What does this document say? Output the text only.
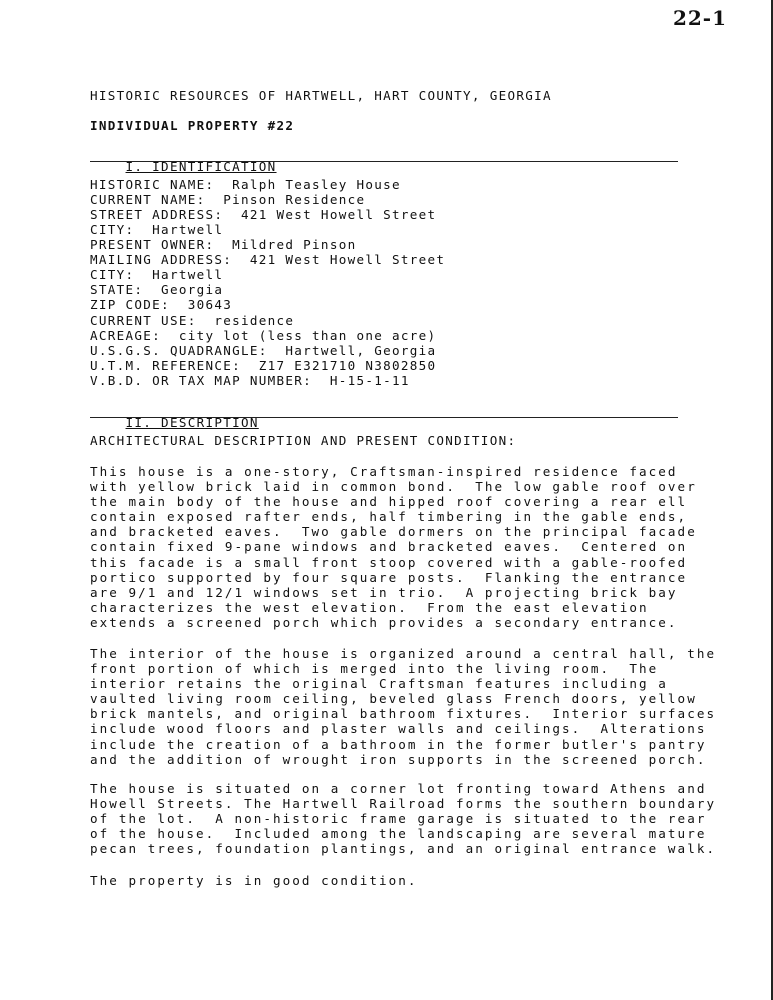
22-1
HISTORIC RESOURCES OF HARTWELL, HART COUNTY, GEORGIA
INDIVIDUAL PROPERTY #22

I. IDENTIFICATION

HISTORIC NAME:  Ralph Teasley House
CURRENT NAME:  Pinson Residence
STREET ADDRESS:  421 West Howell Street
CITY:  Hartwell
PRESENT OWNER:  Mildred Pinson
MAILING ADDRESS:  421 West Howell Street
CITY:  Hartwell
STATE:  Georgia
ZIP CODE:  30643
CURRENT USE:  residence
ACREAGE:  city lot (less than one acre)
U.S.G.S. QUADRANGLE:  Hartwell, Georgia
U.T.M. REFERENCE:  Z17 E321710 N3802850
V.B.D. OR TAX MAP NUMBER:  H-15-1-11

II. DESCRIPTION

ARCHITECTURAL DESCRIPTION AND PRESENT CONDITION:
This house is a one-story, Craftsman-inspired residence faced
with yellow brick laid in common bond.  The low gable roof over
the main body of the house and hipped roof covering a rear ell
contain exposed rafter ends, half timbering in the gable ends,
and bracketed eaves.  Two gable dormers on the principal facade
contain fixed 9-pane windows and bracketed eaves.  Centered on
this facade is a small front stoop covered with a gable-roofed
portico supported by four square posts.  Flanking the entrance
are 9/1 and 12/1 windows set in trio.  A projecting brick bay
characterizes the west elevation.  From the east elevation
extends a screened porch which provides a secondary entrance.
The interior of the house is organized around a central hall, the
front portion of which is merged into the living room.  The
interior retains the original Craftsman features including a
vaulted living room ceiling, beveled glass French doors, yellow
brick mantels, and original bathroom fixtures.  Interior surfaces
include wood floors and plaster walls and ceilings.  Alterations
include the creation of a bathroom in the former butler's pantry
and the addition of wrought iron supports in the screened porch.
The house is situated on a corner lot fronting toward Athens and
Howell Streets. The Hartwell Railroad forms the southern boundary
of the lot.  A non-historic frame garage is situated to the rear
of the house.  Included among the landscaping are several mature
pecan trees, foundation plantings, and an original entrance walk.
The property is in good condition.
